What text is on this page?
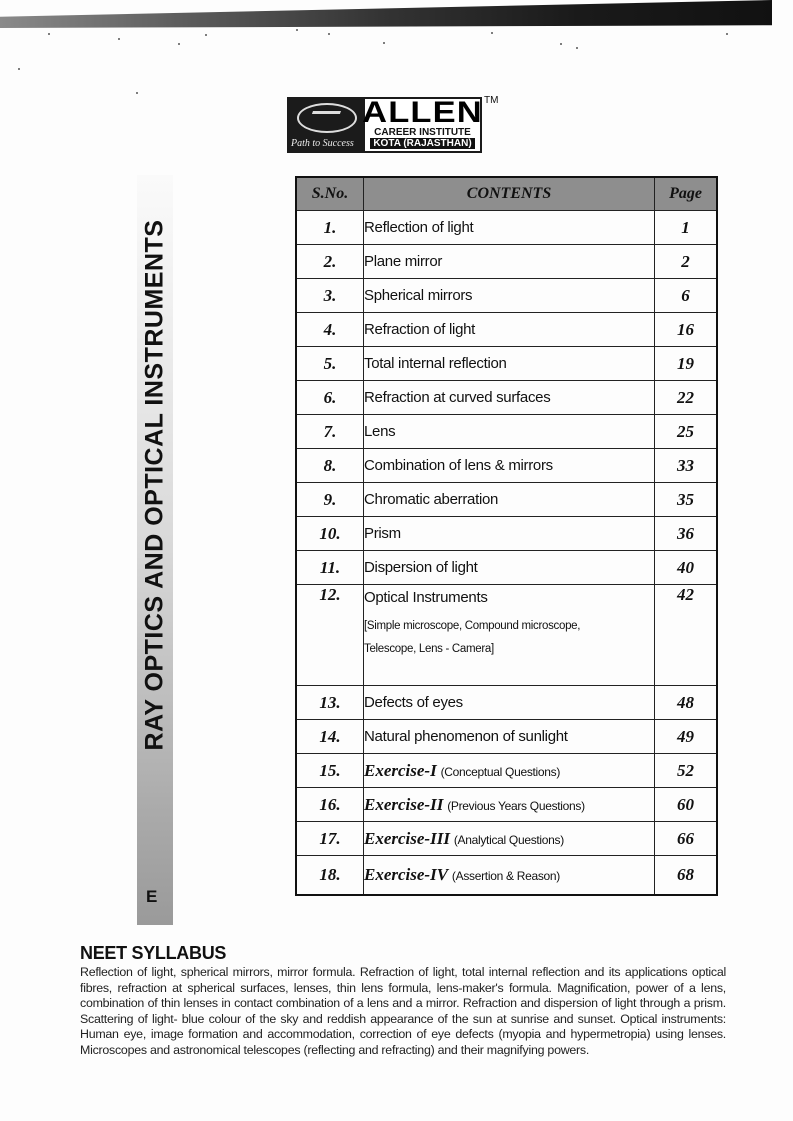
Path to Success
ALLEN
CAREER INSTITUTE
KOTA (RAJASTHAN)
TM
RAY OPTICS AND OPTICAL INSTRUMENTS
E
S.No.	CONTENTS	Page
1.	Reflection of light	1
2.	Plane mirror	2
3.	Spherical mirrors	6
4.	Refraction of light	16
5.	Total internal reflection	19
6.	Refraction at curved surfaces	22
7.	Lens	25
8.	Combination of lens & mirrors	33
9.	Chromatic aberration	35
10.	Prism	36
11.	Dispersion of light	40
12.	Optical Instruments
[Simple microscope, Compound microscope,
Telescope, Lens - Camera]	42
13.	Defects of eyes	48
14.	Natural phenomenon of sunlight	49
15.	Exercise-I (Conceptual Questions)	52
16.	Exercise-II (Previous Years Questions)	60
17.	Exercise-III (Analytical Questions)	66
18.	Exercise-IV (Assertion & Reason)	68
NEET SYLLABUS

Reflection of light, spherical mirrors, mirror formula. Refraction of light, total internal reflection and its applications optical fibres, refraction at spherical surfaces, lenses, thin lens formula, lens-maker's formula. Magnification, power of a lens, combination of thin lenses in contact combination of a lens and a mirror. Refraction and dispersion of light through a prism. Scattering of light- blue colour of the sky and reddish appearance of the sun at sunrise and sunset. Optical instruments: Human eye, image formation and accommodation, correction of eye defects (myopia and hypermetropia) using lenses. Microscopes and astronomical telescopes (reflecting and refracting) and their magnifying powers.
